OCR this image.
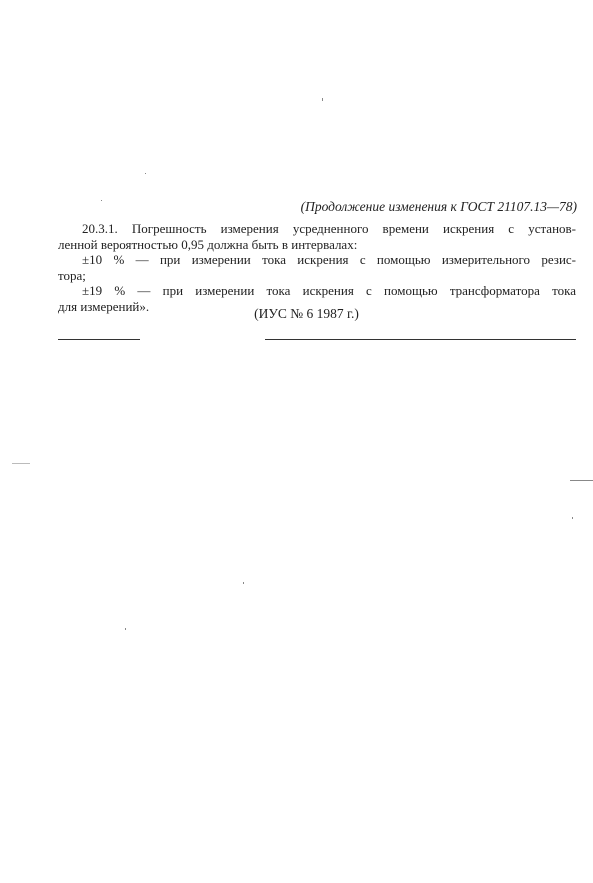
(Продолжение изменения к ГОСТ 21107.13—78)
20.3.1. Погрешность измерения усредненного времени искрения с установ-
ленной вероятностью 0,95 должна быть в интервалах:
±10 % — при измерении тока искрения с помощью измерительного резис-
тора;
±19 % — при измерении тока искрения с помощью трансформатора тока
для измерений».	(ИУС № 6 1987 г.)
